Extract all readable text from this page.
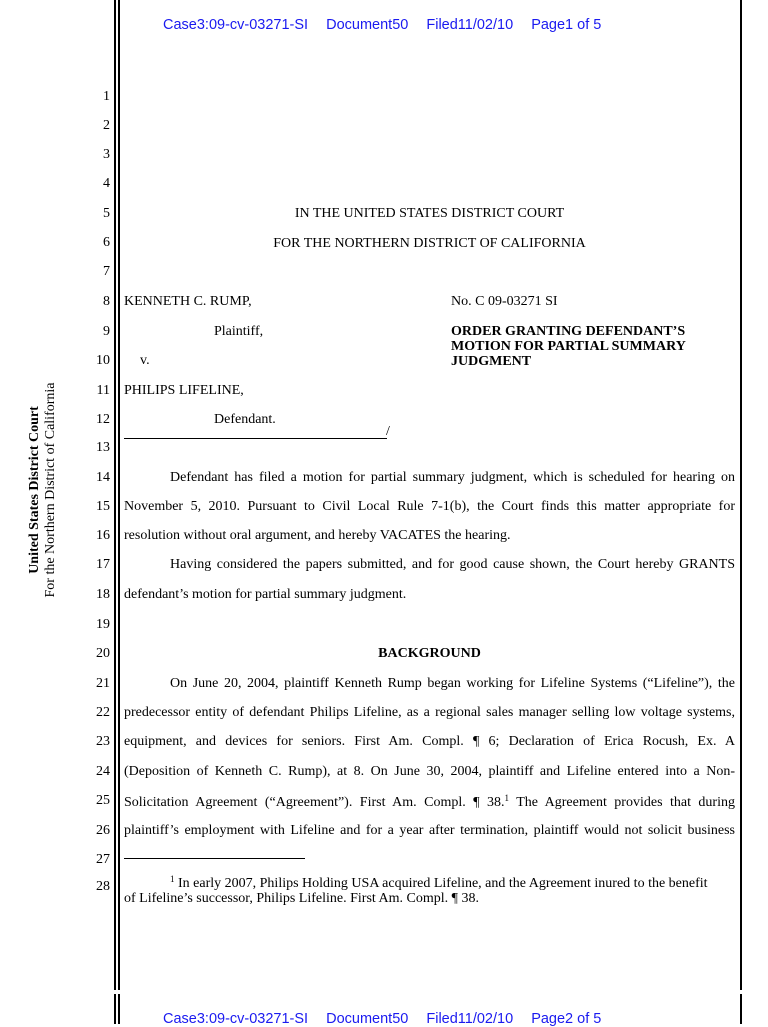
Case3:09-cv-03271-SI Document50 Filed11/02/10 Page1 of 5
United States District Court For the Northern District of California
1
2
3
4
5
6
7
8
9
10
11
12
13
14
15
16
17
18
19
20
21
22
23
24
25
26
27
28
IN THE UNITED STATES DISTRICT COURT
FOR THE NORTHERN DISTRICT OF CALIFORNIA
KENNETH C. RUMP,
Plaintiff,
v.
PHILIPS LIFELINE,
Defendant.
/
No. C 09-03271 SI
ORDER GRANTING DEFENDANT’S
MOTION FOR PARTIAL SUMMARY
JUDGMENT
Defendant has filed a motion for partial summary judgment, which is scheduled for hearing on
November 5, 2010. Pursuant to Civil Local Rule 7-1(b), the Court finds this matter appropriate for
resolution without oral argument, and hereby VACATES the hearing.
Having considered the papers submitted, and for good cause shown, the Court hereby GRANTS
defendant’s motion for partial summary judgment.
BACKGROUND
On June 20, 2004, plaintiff Kenneth Rump began working for Lifeline Systems (“Lifeline”), the
predecessor entity of defendant Philips Lifeline, as a regional sales manager selling low voltage systems,
equipment, and devices for seniors. First Am. Compl. ¶ 6; Declaration of Erica Rocush, Ex. A
(Deposition of Kenneth C. Rump), at 8. On June 30, 2004, plaintiff and Lifeline entered into a Non-
Solicitation Agreement (“Agreement”). First Am. Compl. ¶ 38.$^1$ The Agreement provides that during
plaintiff’s employment with Lifeline and for a year after termination, plaintiff would not solicit business

$^1$ In early 2007, Philips Holding USA acquired Lifeline, and the Agreement inured to the benefit

of Lifeline’s successor, Philips Lifeline. First Am. Compl. ¶ 38.

Case3:09-cv-03271-SI Document50 Filed11/02/10 Page2 of 5
